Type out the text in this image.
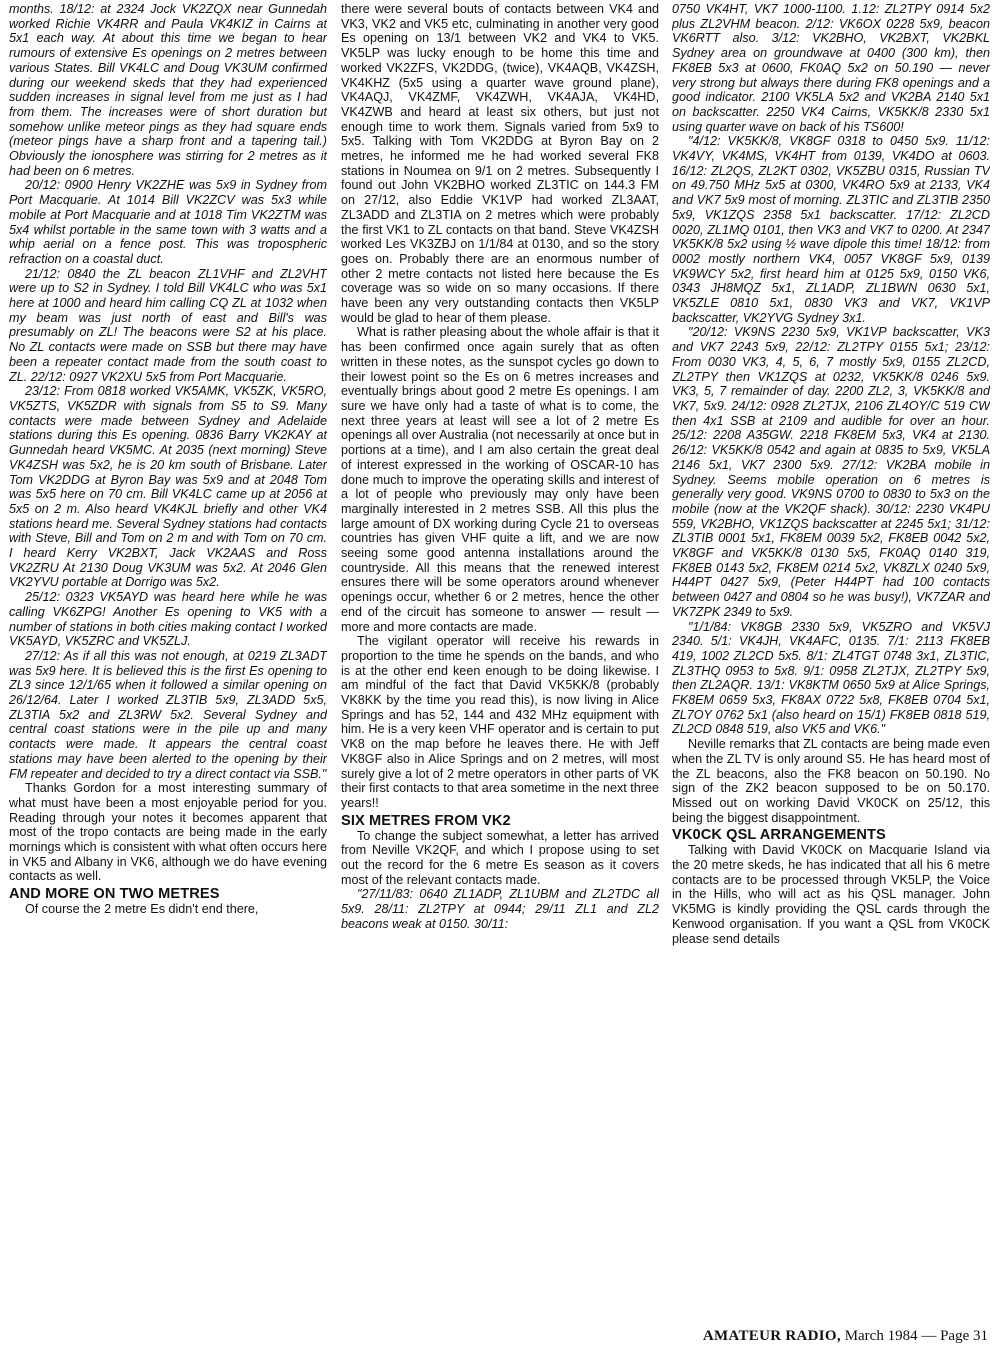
months. 18/12: at 2324 Jock VK2ZQX near Gunnedah worked Richie VK4RR and Paula VK4KIZ in Cairns at 5x1 each way. At about this time we began to hear rumours of extensive Es openings on 2 metres between various States. Bill VK4LC and Doug VK3UM confirmed during our weekend skeds that they had experienced sudden increases in signal level from me just as I had from them. The increases were of short duration but somehow unlike meteor pings as they had square ends (meteor pings have a sharp front and a tapering tail.) Obviously the ionosphere was stirring for 2 metres as it had been on 6 metres.

20/12: 0900 Henry VK2ZHE was 5x9 in Sydney from Port Macquarie. At 1014 Bill VK2ZCV was 5x3 while mobile at Port Macquarie and at 1018 Tim VK2ZTM was 5x4 whilst portable in the same town with 3 watts and a whip aerial on a fence post. This was tropospheric refraction on a coastal duct.

21/12: 0840 the ZL beacon ZL1VHF and ZL2VHT were up to S2 in Sydney. I told Bill VK4LC who was 5x1 here at 1000 and heard him calling CQ ZL at 1032 when my beam was just north of east and Bill's was presumably on ZL! The beacons were S2 at his place. No ZL contacts were made on SSB but there may have been a repeater contact made from the south coast to ZL. 22/12: 0927 VK2XU 5x5 from Port Macquarie.

23/12: From 0818 worked VK5AMK, VK5ZK, VK5RO, VK5ZTS, VK5ZDR with signals from S5 to S9. Many contacts were made between Sydney and Adelaide stations during this Es opening. 0836 Barry VK2KAY at Gunnedah heard VK5MC. At 2035 (next morning) Steve VK4ZSH was 5x2, he is 20 km south of Brisbane. Later Tom VK2DDG at Byron Bay was 5x9 and at 2048 Tom was 5x5 here on 70 cm. Bill VK4LC came up at 2056 at 5x5 on 2 m. Also heard VK4KJL briefly and other VK4 stations heard me. Several Sydney stations had contacts with Steve, Bill and Tom on 2 m and with Tom on 70 cm. I heard Kerry VK2BXT, Jack VK2AAS and Ross VK2ZRU At 2130 Doug VK3UM was 5x2. At 2046 Glen VK2YVU portable at Dorrigo was 5x2.

25/12: 0323 VK5AYD was heard here while he was calling VK6ZPG! Another Es opening to VK5 with a number of stations in both cities making contact I worked VK5AYD, VK5ZRC and VK5ZLJ.

27/12: As if all this was not enough, at 0219 ZL3ADT was 5x9 here. It is believed this is the first Es opening to ZL3 since 12/1/65 when it followed a similar opening on 26/12/64. Later I worked ZL3TIB 5x9, ZL3ADD 5x5, ZL3TIA 5x2 and ZL3RW 5x2. Several Sydney and central coast stations were in the pile up and many contacts were made. It appears the central coast stations may have been alerted to the opening by their FM repeater and decided to try a direct contact via SSB."

Thanks Gordon for a most interesting summary of what must have been a most enjoyable period for you. Reading through your notes it becomes apparent that most of the tropo contacts are being made in the early mornings which is consistent with what often occurs here in VK5 and Albany in VK6, although we do have evening contacts as well.

AND MORE ON TWO METRES

Of course the 2 metre Es didn't end there,

there were several bouts of contacts between VK4 and VK3, VK2 and VK5 etc, culminating in another very good Es opening on 13/1 between VK2 and VK4 to VK5. VK5LP was lucky enough to be home this time and worked VK2ZFS, VK2DDG, (twice), VK4AQB, VK4ZSH, VK4KHZ (5x5 using a quarter wave ground plane), VK4AQJ, VK4ZMF, VK4ZWH, VK4AJA, VK4HD, VK4ZWB and heard at least six others, but just not enough time to work them. Signals varied from 5x9 to 5x5. Talking with Tom VK2DDG at Byron Bay on 2 metres, he informed me he had worked several FK8 stations in Noumea on 9/1 on 2 metres. Subsequently I found out John VK2BHO worked ZL3TIC on 144.3 FM on 27/12, also Eddie VK1VP had worked ZL3AAT, ZL3ADD and ZL3TIA on 2 metres which were probably the first VK1 to ZL contacts on that band. Steve VK4ZSH worked Les VK3ZBJ on 1/1/84 at 0130, and so the story goes on. Probably there are an enormous number of other 2 metre contacts not listed here because the Es coverage was so wide on so many occasions. If there have been any very outstanding contacts then VK5LP would be glad to hear of them please.

What is rather pleasing about the whole affair is that it has been confirmed once again surely that as often written in these notes, as the sunspot cycles go down to their lowest point so the Es on 6 metres increases and eventually brings about good 2 metre Es openings. I am sure we have only had a taste of what is to come, the next three years at least will see a lot of 2 metre Es openings all over Australia (not necessarily at once but in portions at a time), and I am also certain the great deal of interest expressed in the working of OSCAR-10 has done much to improve the operating skills and interest of a lot of people who previously may only have been marginally interested in 2 metres SSB. All this plus the large amount of DX working during Cycle 21 to overseas countries has given VHF quite a lift, and we are now seeing some good antenna installations around the countryside. All this means that the renewed interest ensures there will be some operators around whenever openings occur, whether 6 or 2 metres, hence the other end of the circuit has someone to answer — result — more and more contacts are made.

The vigilant operator will receive his rewards in proportion to the time he spends on the bands, and who is at the other end keen enough to be doing likewise. I am mindful of the fact that David VK5KK/8 (probably VK8KK by the time you read this), is now living in Alice Springs and has 52, 144 and 432 MHz equipment with him. He is a very keen VHF operator and is certain to put VK8 on the map before he leaves there. He with Jeff VK8GF also in Alice Springs and on 2 metres, will most surely give a lot of 2 metre operators in other parts of VK their first contacts to that area sometime in the next three years!!

SIX METRES FROM VK2

To change the subject somewhat, a letter has arrived from Neville VK2QF, and which I propose using to set out the record for the 6 metre Es season as it covers most of the relevant contacts made.

"27/11/83: 0640 ZL1ADP, ZL1UBM and ZL2TDC all 5x9. 28/11: ZL2TPY at 0944; 29/11 ZL1 and ZL2 beacons weak at 0150. 30/11:

0750 VK4HT, VK7 1000-1100. 1.12: ZL2TPY 0914 5x2 plus ZL2VHM beacon. 2/12: VK6OX 0228 5x9, beacon VK6RTT also. 3/12: VK2BHO, VK2BXT, VK2BKL Sydney area on groundwave at 0400 (300 km), then FK8EB 5x3 at 0600, FK0AQ 5x2 on 50.190 — never very strong but always there during FK8 openings and a good indicator. 2100 VK5LA 5x2 and VK2BA 2140 5x1 on backscatter. 2250 VK4 Cairns, VK5KK/8 2330 5x1 using quarter wave on back of his TS600!

"4/12: VK5KK/8, VK8GF 0318 to 0450 5x9. 11/12: VK4VY, VK4MS, VK4HT from 0139, VK4DO at 0603. 16/12: ZL2QS, ZL2KT 0302, VK5ZBU 0315, Russian TV on 49.750 MHz 5x5 at 0300, VK4RO 5x9 at 2133, VK4 and VK7 5x9 most of morning. ZL3TIC and ZL3TIB 2350 5x9, VK1ZQS 2358 5x1 backscatter. 17/12: ZL2CD 0020, ZL1MQ 0101, then VK3 and VK7 to 0200. At 2347 VK5KK/8 5x2 using ½ wave dipole this time! 18/12: from 0002 mostly northern VK4, 0057 VK8GF 5x9, 0139 VK9WCY 5x2, first heard him at 0125 5x9, 0150 VK6, 0343 JH8MQZ 5x1, ZL1ADP, ZL1BWN 0630 5x1, VK5ZLE 0810 5x1, 0830 VK3 and VK7, VK1VP backscatter, VK2YVG Sydney 3x1.

"20/12: VK9NS 2230 5x9, VK1VP backscatter, VK3 and VK7 2243 5x9, 22/12: ZL2TPY 0155 5x1; 23/12: From 0030 VK3, 4, 5, 6, 7 mostly 5x9, 0155 ZL2CD, ZL2TPY then VK1ZQS at 0232, VK5KK/8 0246 5x9. VK3, 5, 7 remainder of day. 2200 ZL2, 3, VK5KK/8 and VK7, 5x9. 24/12: 0928 ZL2TJX, 2106 ZL4OY/C 519 CW then 4x1 SSB at 2109 and audible for over an hour. 25/12: 2208 A35GW. 2218 FK8EM 5x3, VK4 at 2130. 26/12: VK5KK/8 0542 and again at 0835 to 5x9, VK5LA 2146 5x1, VK7 2300 5x9. 27/12: VK2BA mobile in Sydney. Seems mobile operation on 6 metres is generally very good. VK9NS 0700 to 0830 to 5x3 on the mobile (now at the VK2QF shack). 30/12: 2230 VK4PU 559, VK2BHO, VK1ZQS backscatter at 2245 5x1; 31/12: ZL3TIB 0001 5x1, FK8EM 0039 5x2, FK8EB 0042 5x2, VK8GF and VK5KK/8 0130 5x5, FK0AQ 0140 319, FK8EB 0143 5x2, FK8EM 0214 5x2, VK8ZLX 0240 5x9, H44PT 0427 5x9, (Peter H44PT had 100 contacts between 0427 and 0804 so he was busy!), VK7ZAR and VK7ZPK 2349 to 5x9.

"1/1/84: VK8GB 2330 5x9, VK5ZRO and VK5VJ 2340. 5/1: VK4JH, VK4AFC, 0135. 7/1: 2113 FK8EB 419, 1002 ZL2CD 5x5. 8/1: ZL4TGT 0748 3x1, ZL3TIC, ZL3THQ 0953 to 5x8. 9/1: 0958 ZL2TJX, ZL2TPY 5x9, then ZL2AQR. 13/1: VK8KTM 0650 5x9 at Alice Springs, FK8EM 0659 5x3, FK8AX 0722 5x8, FK8EB 0704 5x1, ZL7OY 0762 5x1 (also heard on 15/1) FK8EB 0818 519, ZL2CD 0848 519, also VK5 and VK6."

Neville remarks that ZL contacts are being made even when the ZL TV is only around S5. He has heard most of the ZL beacons, also the FK8 beacon on 50.190. No sign of the ZK2 beacon supposed to be on 50.170. Missed out on working David VK0CK on 25/12, this being the biggest disappointment.

VK0CK QSL ARRANGEMENTS

Talking with David VK0CK on Macquarie Island via the 20 metre skeds, he has indicated that all his 6 metre contacts are to be processed through VK5LP, the Voice in the Hills, who will act as his QSL manager. John VK5MG is kindly providing the QSL cards through the Kenwood organisation. If you want a QSL from VK0CK please send details

AMATEUR RADIO, March 1984 — Page 31
